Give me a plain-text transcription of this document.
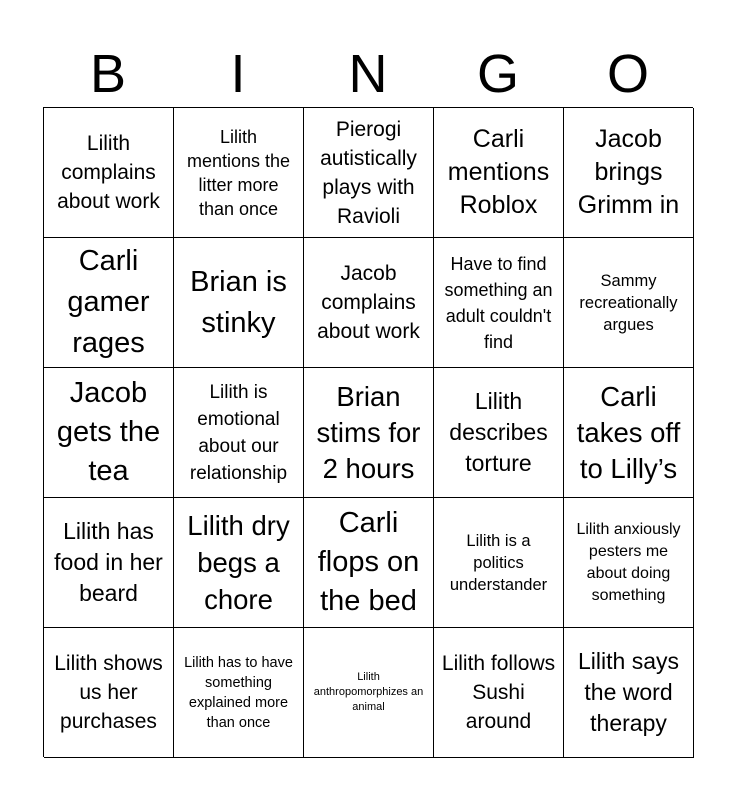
B	I	N	G	O
Lilith complains about work
Lilith mentions the litter more than once
Pierogi autistically plays with Ravioli
Carli mentions Roblox
Jacob brings Grimm in
Carli gamer rages
Brian is stinky
Jacob complains about work
Have to find something an adult couldn't find
Sammy recreationally argues
Jacob gets the tea
Lilith is emotional about our relationship
Brian stims for 2 hours
Lilith describes torture
Carli takes off to Lilly’s
Lilith has food in her beard
Lilith dry begs a chore
Carli flops on the bed
Lilith is a politics understander
Lilith anxiously pesters me about doing something
Lilith shows us her purchases
Lilith has to have something explained more than once
Lilith anthropomorphizes an animal
Lilith follows Sushi around
Lilith says the word therapy
